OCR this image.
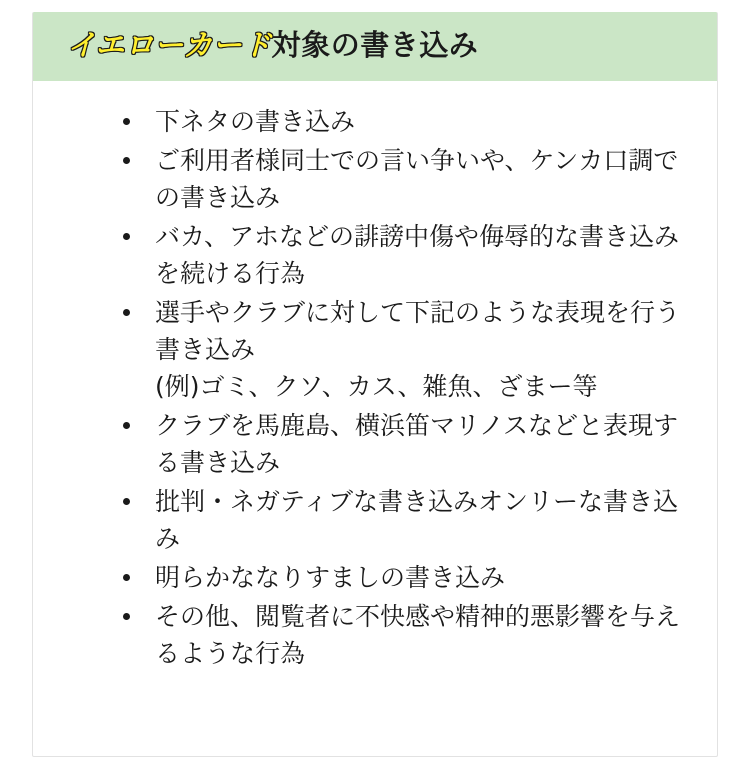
イエローカード対象の書き込み
下ネタの書き込み
ご利用者様同士での言い争いや、ケンカ口調での書き込み
バカ、アホなどの誹謗中傷や侮辱的な書き込みを続ける行為
選手やクラブに対して下記のような表現を行う書き込み
(例)ゴミ、クソ、カス、雑魚、ざまー等
クラブを馬鹿島、横浜笛マリノスなどと表現する書き込み
批判・ネガティブな書き込みオンリーな書き込み
明らかななりすましの書き込み
その他、閲覧者に不快感や精神的悪影響を与えるような行為
